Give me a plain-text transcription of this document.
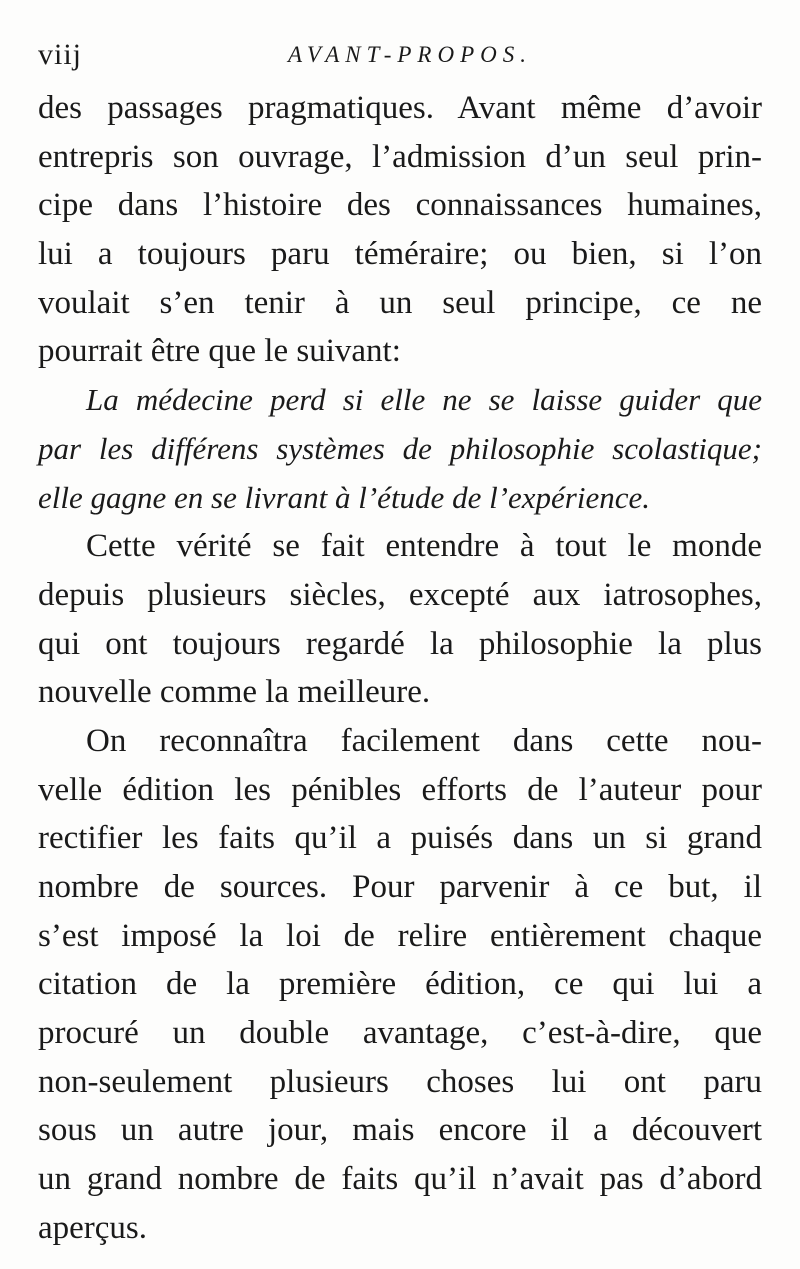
viij	AVANT-PROPOS.
des passages pragmatiques. Avant même d’avoir
entrepris son ouvrage, l’admission d’un seul prin-
cipe dans l’histoire des connaissances humaines,
lui a toujours paru téméraire; ou bien, si l’on
voulait s’en tenir à un seul principe, ce ne
pourrait être que le suivant:
La médecine perd si elle ne se laisse guider que
par les différens systèmes de philosophie scolastique;
elle gagne en se livrant à l’étude de l’expérience.
Cette vérité se fait entendre à tout le monde
depuis plusieurs siècles, excepté aux iatrosophes,
qui ont toujours regardé la philosophie la plus
nouvelle comme la meilleure.
On reconnaîtra facilement dans cette nou-
velle édition les pénibles efforts de l’auteur pour
rectifier les faits qu’il a puisés dans un si grand
nombre de sources. Pour parvenir à ce but, il
s’est imposé la loi de relire entièrement chaque
citation de la première édition, ce qui lui a
procuré un double avantage, c’est-à-dire, que
non-seulement plusieurs choses lui ont paru
sous un autre jour, mais encore il a découvert
un grand nombre de faits qu’il n’avait pas d’abord
aperçus.
